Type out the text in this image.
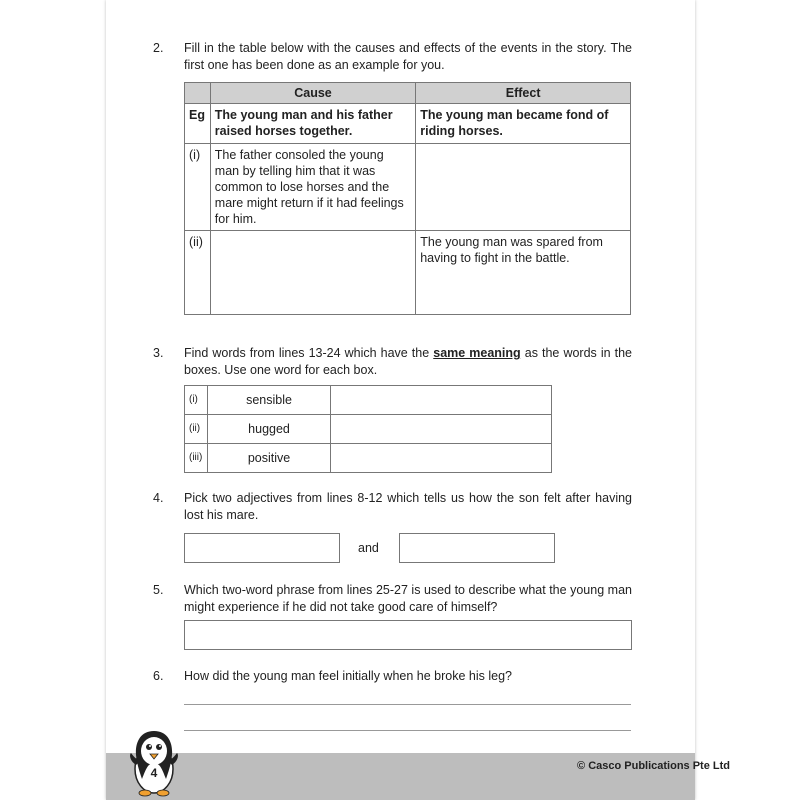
2. Fill in the table below with the causes and effects of the events in the story. The first one has been done as an example for you.
	Cause	Effect
Eg	The young man and his father raised horses together.	The young man became fond of riding horses.
(i)	The father consoled the young man by telling him that it was common to lose horses and the mare might return if it had feelings for him.	
(ii)		The young man was spared from having to fight in the battle.
3. Find words from lines 13-24 which have the same meaning as the words in the boxes. Use one word for each box.
(i)	sensible	
(ii)	hugged	
(iii)	positive	
4. Pick two adjectives from lines 8-12 which tells us how the son felt after having lost his mare.
and
5. Which two-word phrase from lines 25-27 is used to describe what the young man might experience if he did not take good care of himself?
6. How did the young man feel initially when he broke his leg?
© Casco Publications Pte Ltd
4
